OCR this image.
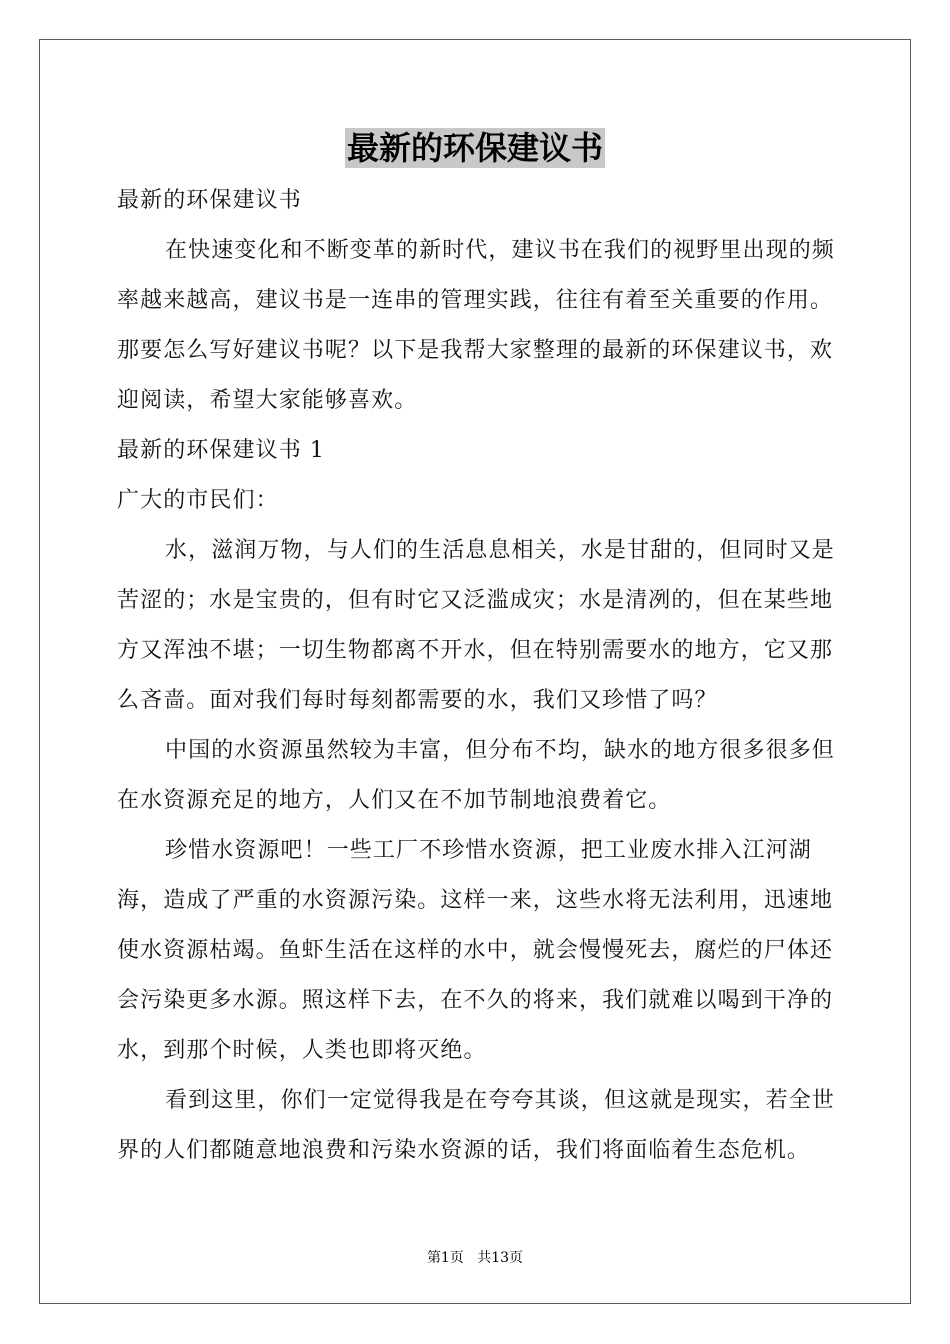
最新的环保建议书

最新的环保建议书

在快速变化和不断变革的新时代，建议书在我们的视野里出现的频率越来越高，建议书是一连串的管理实践，往往有着至关重要的作用。那要怎么写好建议书呢？以下是我帮大家整理的最新的环保建议书，欢迎阅读，希望大家能够喜欢。

最新的环保建议书 1

广大的市民们：

水，滋润万物，与人们的生活息息相关，水是甘甜的，但同时又是苦涩的；水是宝贵的，但有时它又泛滥成灾；水是清冽的，但在某些地方又浑浊不堪；一切生物都离不开水，但在特别需要水的地方，它又那么吝啬。面对我们每时每刻都需要的水，我们又珍惜了吗？

中国的水资源虽然较为丰富，但分布不均，缺水的地方很多很多但在水资源充足的地方，人们又在不加节制地浪费着它。

珍惜水资源吧！一些工厂不珍惜水资源，把工业废水排入江河湖海，造成了严重的水资源污染。这样一来，这些水将无法利用，迅速地使水资源枯竭。鱼虾生活在这样的水中，就会慢慢死去，腐烂的尸体还会污染更多水源。照这样下去，在不久的将来，我们就难以喝到干净的水，到那个时候，人类也即将灭绝。

看到这里，你们一定觉得我是在夸夸其谈，但这就是现实，若全世界的人们都随意地浪费和污染水资源的话，我们将面临着生态危机。

第1页 共13页
